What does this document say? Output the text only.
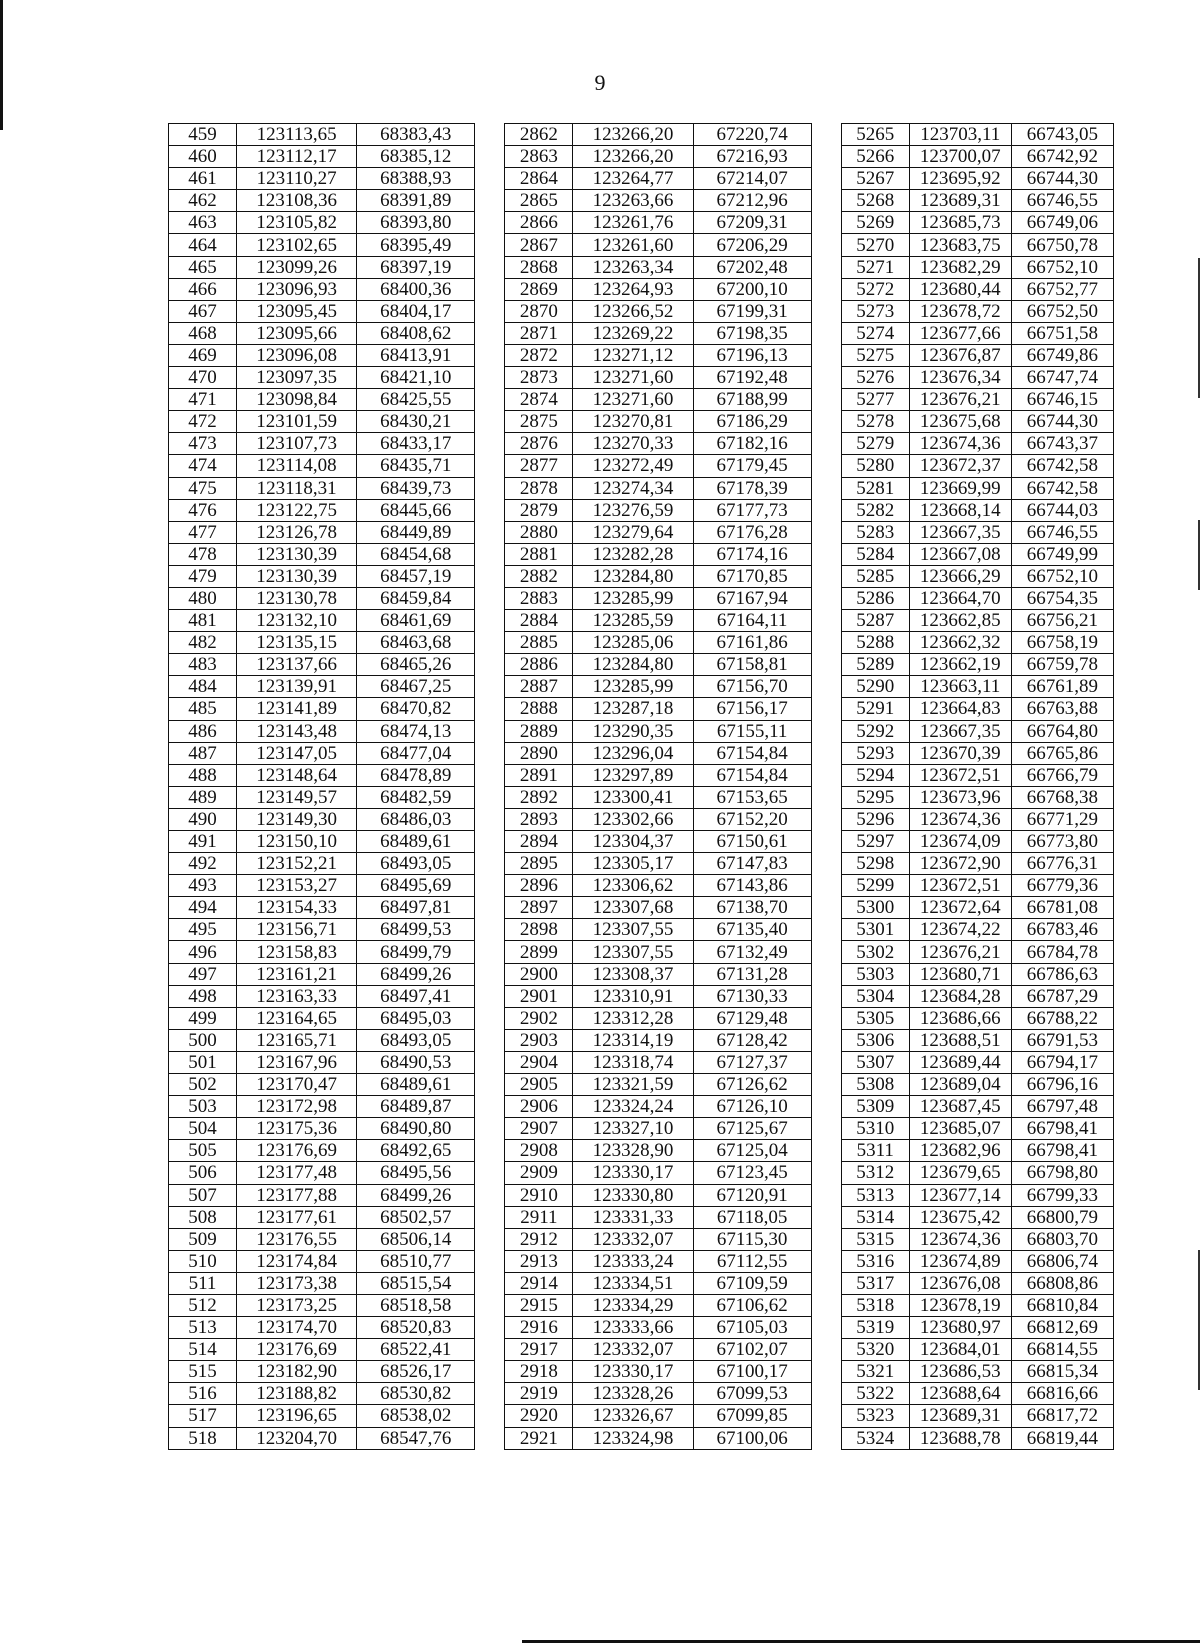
9
459	123113,65	68383,43		2862	123266,20	67220,74		5265	123703,11	66743,05
460	123112,17	68385,12		2863	123266,20	67216,93		5266	123700,07	66742,92
461	123110,27	68388,93		2864	123264,77	67214,07		5267	123695,92	66744,30
462	123108,36	68391,89		2865	123263,66	67212,96		5268	123689,31	66746,55
463	123105,82	68393,80		2866	123261,76	67209,31		5269	123685,73	66749,06
464	123102,65	68395,49		2867	123261,60	67206,29		5270	123683,75	66750,78
465	123099,26	68397,19		2868	123263,34	67202,48		5271	123682,29	66752,10
466	123096,93	68400,36		2869	123264,93	67200,10		5272	123680,44	66752,77
467	123095,45	68404,17		2870	123266,52	67199,31		5273	123678,72	66752,50
468	123095,66	68408,62		2871	123269,22	67198,35		5274	123677,66	66751,58
469	123096,08	68413,91		2872	123271,12	67196,13		5275	123676,87	66749,86
470	123097,35	68421,10		2873	123271,60	67192,48		5276	123676,34	66747,74
471	123098,84	68425,55		2874	123271,60	67188,99		5277	123676,21	66746,15
472	123101,59	68430,21		2875	123270,81	67186,29		5278	123675,68	66744,30
473	123107,73	68433,17		2876	123270,33	67182,16		5279	123674,36	66743,37
474	123114,08	68435,71		2877	123272,49	67179,45		5280	123672,37	66742,58
475	123118,31	68439,73		2878	123274,34	67178,39		5281	123669,99	66742,58
476	123122,75	68445,66		2879	123276,59	67177,73		5282	123668,14	66744,03
477	123126,78	68449,89		2880	123279,64	67176,28		5283	123667,35	66746,55
478	123130,39	68454,68		2881	123282,28	67174,16		5284	123667,08	66749,99
479	123130,39	68457,19		2882	123284,80	67170,85		5285	123666,29	66752,10
480	123130,78	68459,84		2883	123285,99	67167,94		5286	123664,70	66754,35
481	123132,10	68461,69		2884	123285,59	67164,11		5287	123662,85	66756,21
482	123135,15	68463,68		2885	123285,06	67161,86		5288	123662,32	66758,19
483	123137,66	68465,26		2886	123284,80	67158,81		5289	123662,19	66759,78
484	123139,91	68467,25		2887	123285,99	67156,70		5290	123663,11	66761,89
485	123141,89	68470,82		2888	123287,18	67156,17		5291	123664,83	66763,88
486	123143,48	68474,13		2889	123290,35	67155,11		5292	123667,35	66764,80
487	123147,05	68477,04		2890	123296,04	67154,84		5293	123670,39	66765,86
488	123148,64	68478,89		2891	123297,89	67154,84		5294	123672,51	66766,79
489	123149,57	68482,59		2892	123300,41	67153,65		5295	123673,96	66768,38
490	123149,30	68486,03		2893	123302,66	67152,20		5296	123674,36	66771,29
491	123150,10	68489,61		2894	123304,37	67150,61		5297	123674,09	66773,80
492	123152,21	68493,05		2895	123305,17	67147,83		5298	123672,90	66776,31
493	123153,27	68495,69		2896	123306,62	67143,86		5299	123672,51	66779,36
494	123154,33	68497,81		2897	123307,68	67138,70		5300	123672,64	66781,08
495	123156,71	68499,53		2898	123307,55	67135,40		5301	123674,22	66783,46
496	123158,83	68499,79		2899	123307,55	67132,49		5302	123676,21	66784,78
497	123161,21	68499,26		2900	123308,37	67131,28		5303	123680,71	66786,63
498	123163,33	68497,41		2901	123310,91	67130,33		5304	123684,28	66787,29
499	123164,65	68495,03		2902	123312,28	67129,48		5305	123686,66	66788,22
500	123165,71	68493,05		2903	123314,19	67128,42		5306	123688,51	66791,53
501	123167,96	68490,53		2904	123318,74	67127,37		5307	123689,44	66794,17
502	123170,47	68489,61		2905	123321,59	67126,62		5308	123689,04	66796,16
503	123172,98	68489,87		2906	123324,24	67126,10		5309	123687,45	66797,48
504	123175,36	68490,80		2907	123327,10	67125,67		5310	123685,07	66798,41
505	123176,69	68492,65		2908	123328,90	67125,04		5311	123682,96	66798,41
506	123177,48	68495,56		2909	123330,17	67123,45		5312	123679,65	66798,80
507	123177,88	68499,26		2910	123330,80	67120,91		5313	123677,14	66799,33
508	123177,61	68502,57		2911	123331,33	67118,05		5314	123675,42	66800,79
509	123176,55	68506,14		2912	123332,07	67115,30		5315	123674,36	66803,70
510	123174,84	68510,77		2913	123333,24	67112,55		5316	123674,89	66806,74
511	123173,38	68515,54		2914	123334,51	67109,59		5317	123676,08	66808,86
512	123173,25	68518,58		2915	123334,29	67106,62		5318	123678,19	66810,84
513	123174,70	68520,83		2916	123333,66	67105,03		5319	123680,97	66812,69
514	123176,69	68522,41		2917	123332,07	67102,07		5320	123684,01	66814,55
515	123182,90	68526,17		2918	123330,17	67100,17		5321	123686,53	66815,34
516	123188,82	68530,82		2919	123328,26	67099,53		5322	123688,64	66816,66
517	123196,65	68538,02		2920	123326,67	67099,85		5323	123689,31	66817,72
518	123204,70	68547,76		2921	123324,98	67100,06		5324	123688,78	66819,44
